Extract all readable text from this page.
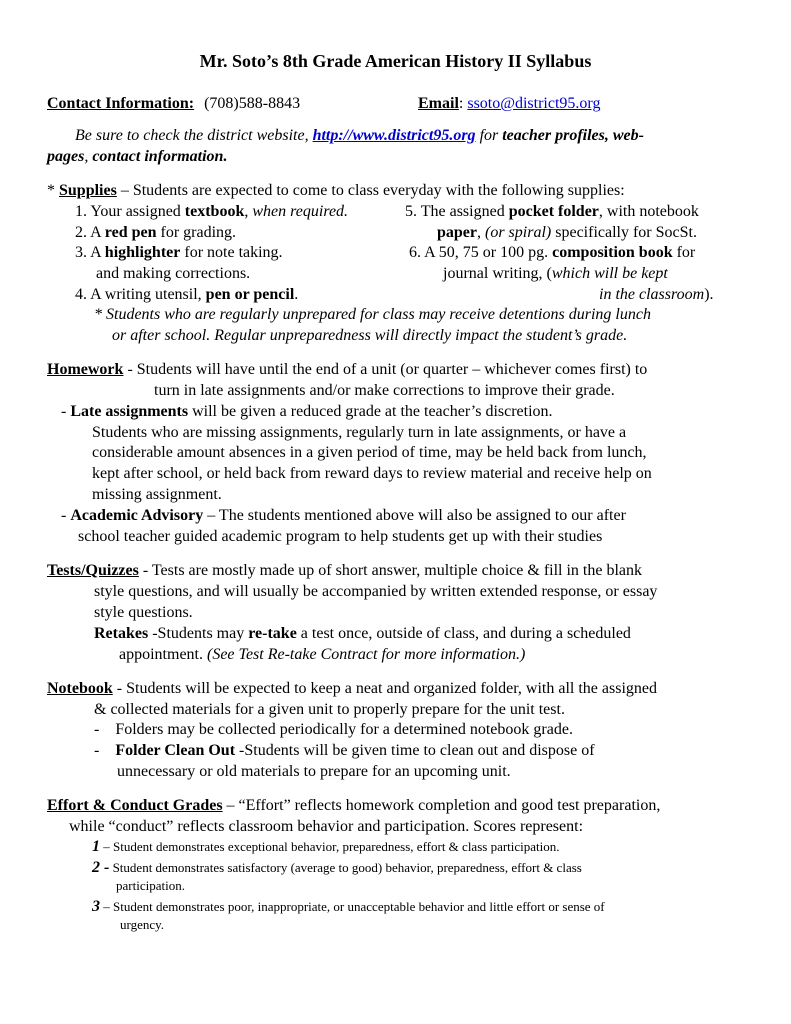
Mr. Soto’s 8th Grade American History II Syllabus
Contact Information: (708)588-8843	Email: ssoto@district95.org
Be sure to check the district website, http://www.district95.org for teacher profiles, web-
pages, contact information.
* Supplies – Students are expected to come to class everyday with the following supplies:
1. Your assigned textbook, when required.
2. A red pen for grading.
3. A highlighter for note taking.
and making corrections.
4. A writing utensil, pen or pencil.
5. The assigned pocket folder, with notebook
paper, (or spiral) specifically for SocSt.
6. A 50, 75 or 100 pg. composition book for
journal writing, (which will be kept
in the classroom).
* Students who are regularly unprepared for class may receive detentions during lunch
or after school. Regular unpreparedness will directly impact the student’s grade.
Homework - Students will have until the end of a unit (or quarter – whichever comes first) to
turn in late assignments and/or make corrections to improve their grade.
- Late assignments will be given a reduced grade at the teacher’s discretion.
Students who are missing assignments, regularly turn in late assignments, or have a
considerable amount absences in a given period of time, may be held back from lunch,
kept after school, or held back from reward days to review material and receive help on
missing assignment.
- Academic Advisory – The students mentioned above will also be assigned to our after
school teacher guided academic program to help students get up with their studies
Tests/Quizzes - Tests are mostly made up of short answer, multiple choice & fill in the blank
style questions, and will usually be accompanied by written extended response, or essay
style questions.
Retakes -Students may re-take a test once, outside of class, and during a scheduled
appointment. (See Test Re-take Contract for more information.)
Notebook - Students will be expected to keep a neat and organized folder, with all the assigned
& collected materials for a given unit to properly prepare for the unit test.
- Folders may be collected periodically for a determined notebook grade.
- Folder Clean Out -Students will be given time to clean out and dispose of
unnecessary or old materials to prepare for an upcoming unit.
Effort & Conduct Grades – “Effort” reflects homework completion and good test preparation,
while “conduct” reflects classroom behavior and participation. Scores represent:
1 – Student demonstrates exceptional behavior, preparedness, effort & class participation.
2 - Student demonstrates satisfactory (average to good) behavior, preparedness, effort & class
participation.
3 – Student demonstrates poor, inappropriate, or unacceptable behavior and little effort or sense of
urgency.
